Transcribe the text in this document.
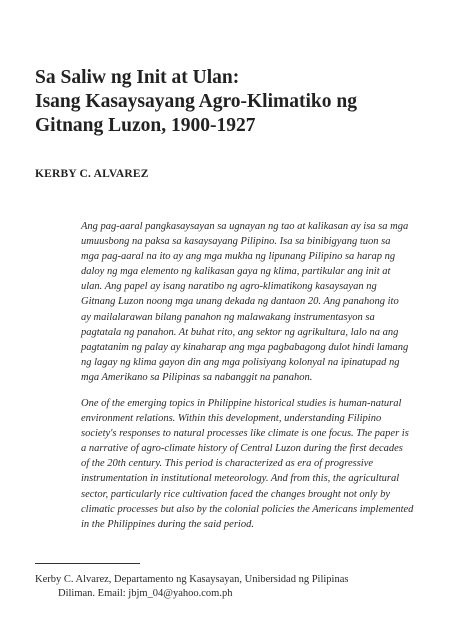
Sa Saliw ng Init at Ulan:
Isang Kasaysayang Agro-Klimatiko ng
Gitnang Luzon, 1900-1927
KERBY C. ALVAREZ
Ang pag-aaral pangkasaysayan sa ugnayan ng tao at kalikasan ay isa sa mga
umuusbong na paksa sa kasaysayang Pilipino. Isa sa binibigyang tuon sa
mga pag-aaral na ito ay ang mga mukha ng lipunang Pilipino sa harap ng
daloy ng mga elemento ng kalikasan gaya ng klima, partikular ang init at
ulan. Ang papel ay isang naratibo ng agro-klimatikong kasaysayan ng
Gitnang Luzon noong mga unang dekada ng dantaon 20. Ang panahong ito
ay mailalarawan bilang panahon ng malawakang instrumentasyon sa
pagtatala ng panahon. At buhat rito, ang sektor ng agrikultura, lalo na ang
pagtatanim ng palay ay kinaharap ang mga pagbabagong dulot hindi lamang
ng lagay ng klima gayon din ang mga polisiyang kolonyal na ipinatupad ng
mga Amerikano sa Pilipinas sa nabanggit na panahon.
One of the emerging topics in Philippine historical studies is human-natural
environment relations. Within this development, understanding Filipino
society's responses to natural processes like climate is one focus. The paper is
a narrative of agro-climate history of Central Luzon during the first decades
of the 20th century. This period is characterized as era of progressive
instrumentation in institutional meteorology. And from this, the agricultural
sector, particularly rice cultivation faced the changes brought not only by
climatic processes but also by the colonial policies the Americans implemented
in the Philippines during the said period.
Kerby C. Alvarez, Departamento ng Kasaysayan, Unibersidad ng Pilipinas
Diliman. Email: jbjm_04@yahoo.com.ph
